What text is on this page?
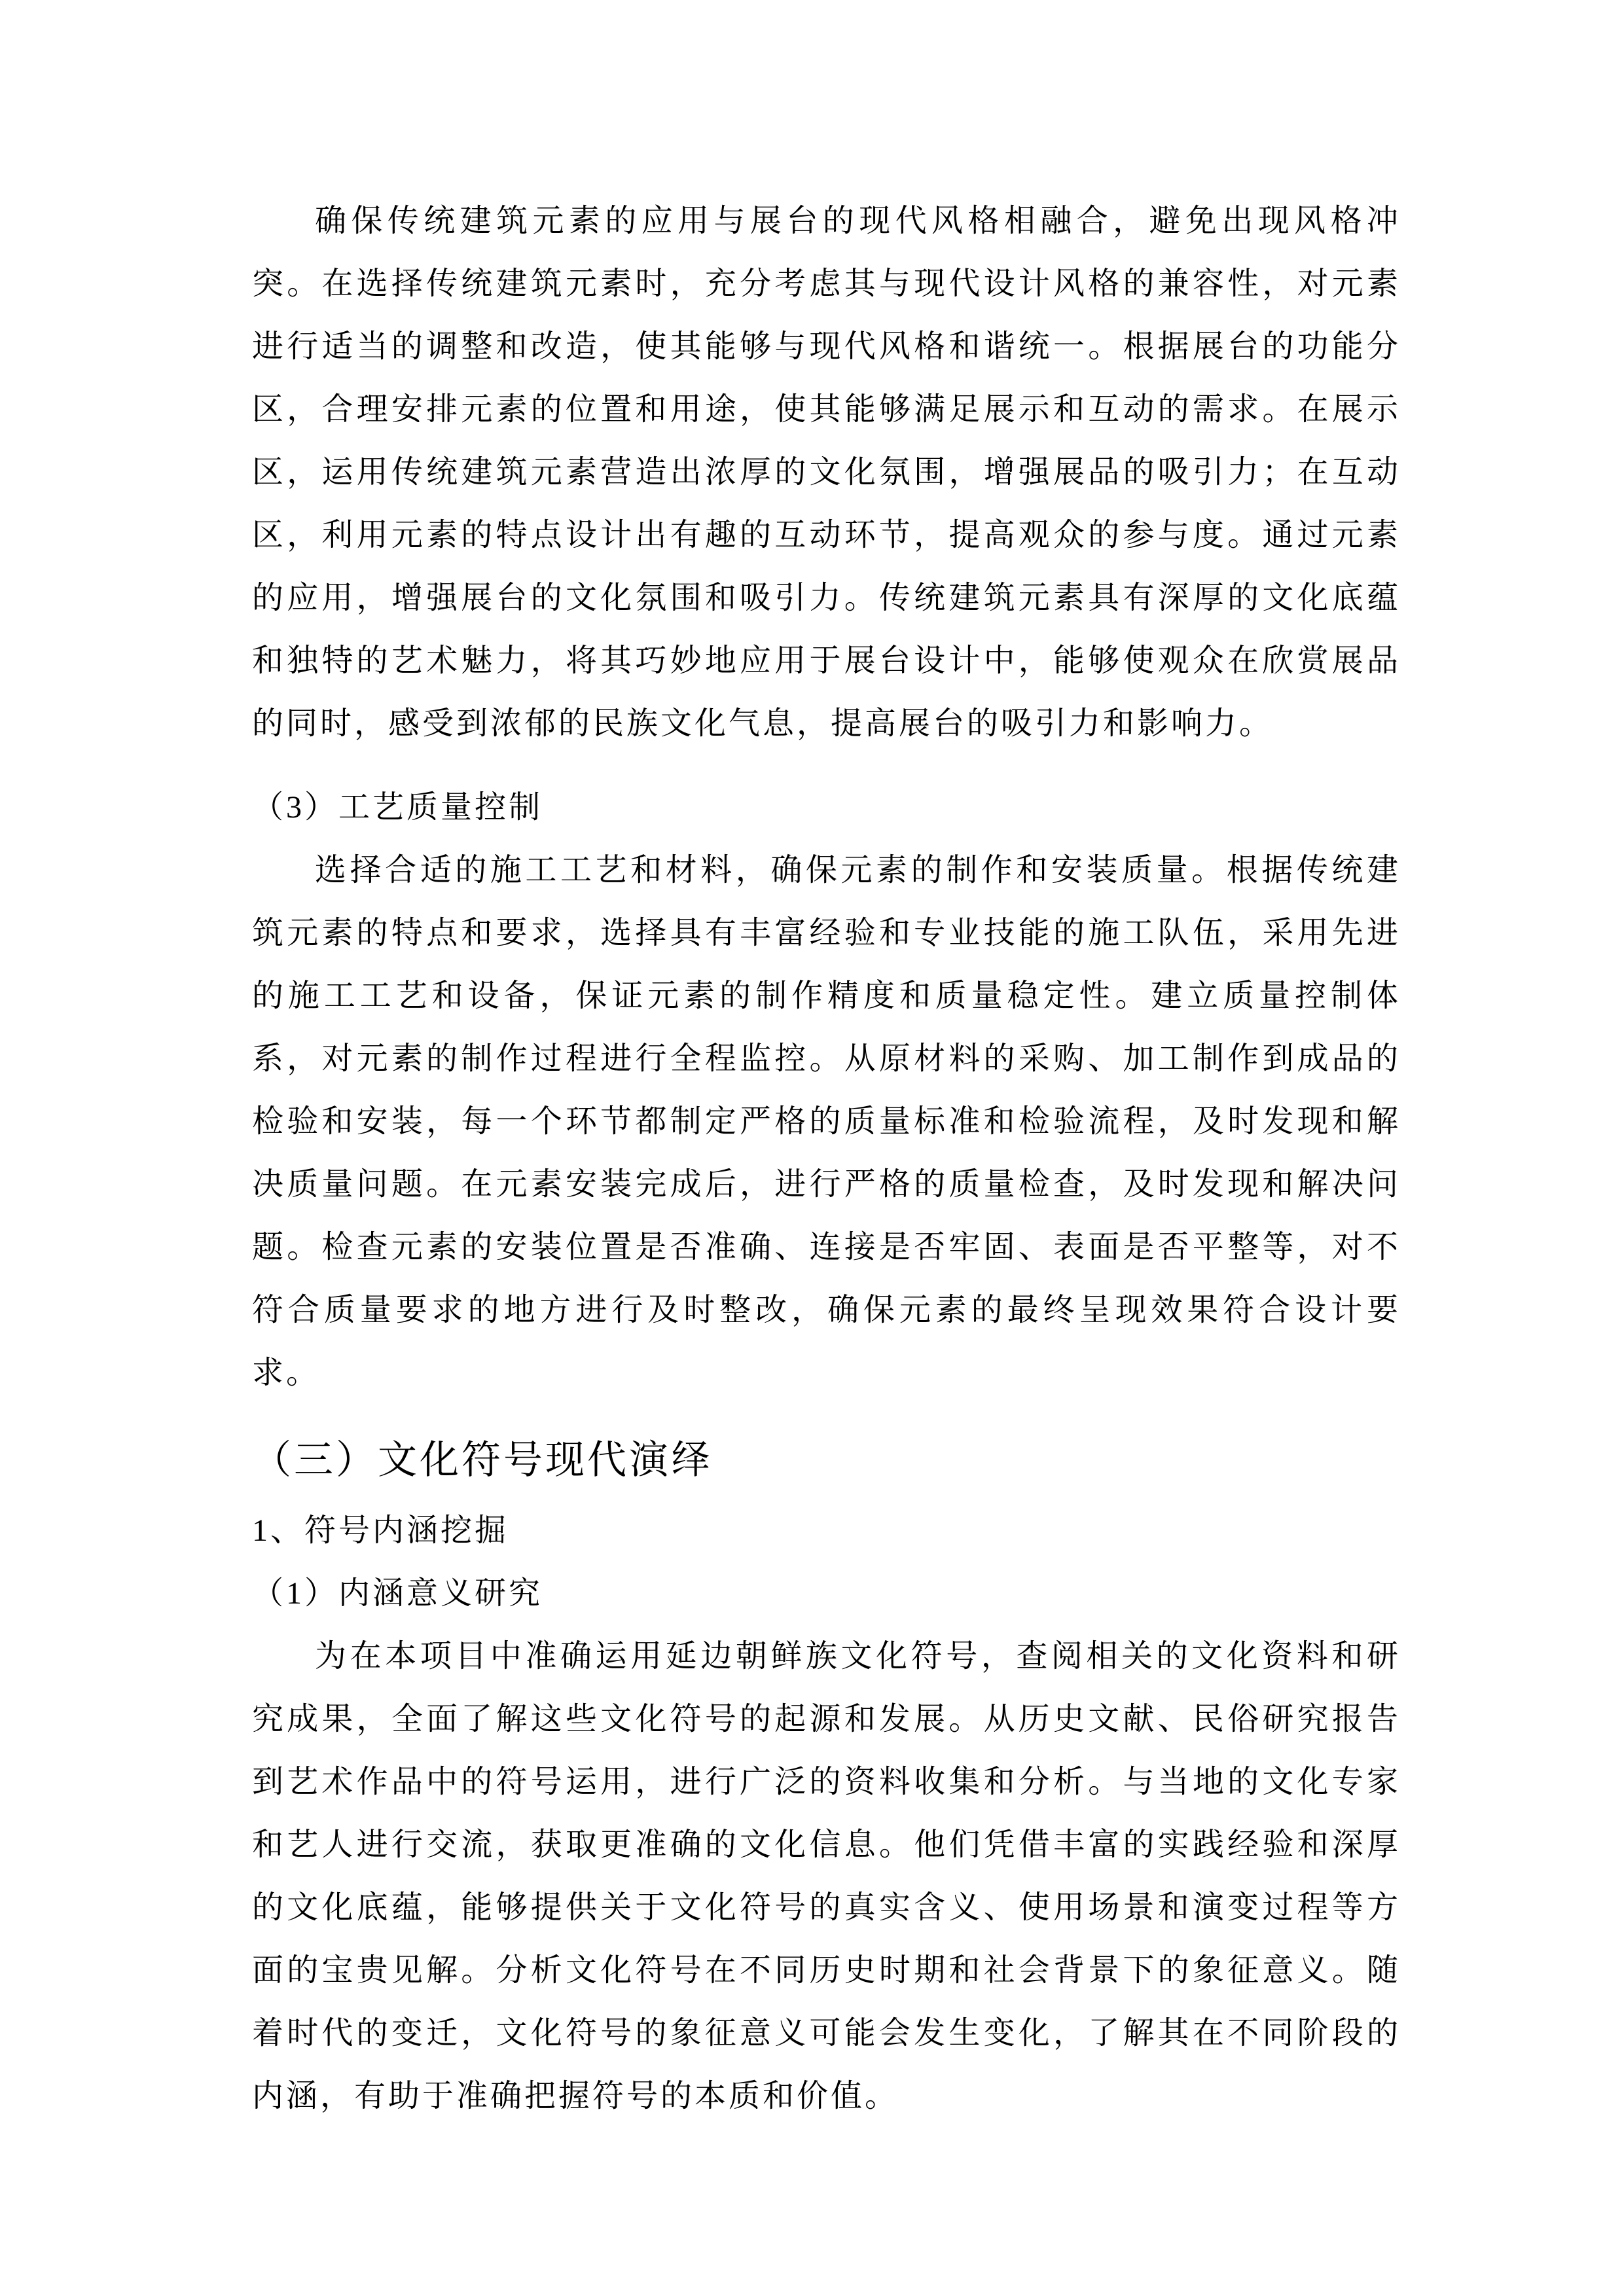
确保传统建筑元素的应用与展台的现代风格相融合，避免出现风格冲突。在选择传统建筑元素时，充分考虑其与现代设计风格的兼容性，对元素进行适当的调整和改造，使其能够与现代风格和谐统一。根据展台的功能分区，合理安排元素的位置和用途，使其能够满足展示和互动的需求。在展示区，运用传统建筑元素营造出浓厚的文化氛围，增强展品的吸引力；在互动区，利用元素的特点设计出有趣的互动环节，提高观众的参与度。通过元素的应用，增强展台的文化氛围和吸引力。传统建筑元素具有深厚的文化底蕴和独特的艺术魅力，将其巧妙地应用于展台设计中，能够使观众在欣赏展品的同时，感受到浓郁的民族文化气息，提高展台的吸引力和影响力。

（3）工艺质量控制

选择合适的施工工艺和材料，确保元素的制作和安装质量。根据传统建筑元素的特点和要求，选择具有丰富经验和专业技能的施工队伍，采用先进的施工工艺和设备，保证元素的制作精度和质量稳定性。建立质量控制体系，对元素的制作过程进行全程监控。从原材料的采购、加工制作到成品的检验和安装，每一个环节都制定严格的质量标准和检验流程，及时发现和解决质量问题。在元素安装完成后，进行严格的质量检查，及时发现和解决问题。检查元素的安装位置是否准确、连接是否牢固、表面是否平整等，对不符合质量要求的地方进行及时整改，确保元素的最终呈现效果符合设计要求。

（三）文化符号现代演绎
1、符号内涵挖掘
（1）内涵意义研究

为在本项目中准确运用延边朝鲜族文化符号，查阅相关的文化资料和研究成果，全面了解这些文化符号的起源和发展。从历史文献、民俗研究报告到艺术作品中的符号运用，进行广泛的资料收集和分析。与当地的文化专家和艺人进行交流，获取更准确的文化信息。他们凭借丰富的实践经验和深厚的文化底蕴，能够提供关于文化符号的真实含义、使用场景和演变过程等方面的宝贵见解。分析文化符号在不同历史时期和社会背景下的象征意义。随着时代的变迁，文化符号的象征意义可能会发生变化，了解其在不同阶段的内涵，有助于准确把握符号的本质和价值。
